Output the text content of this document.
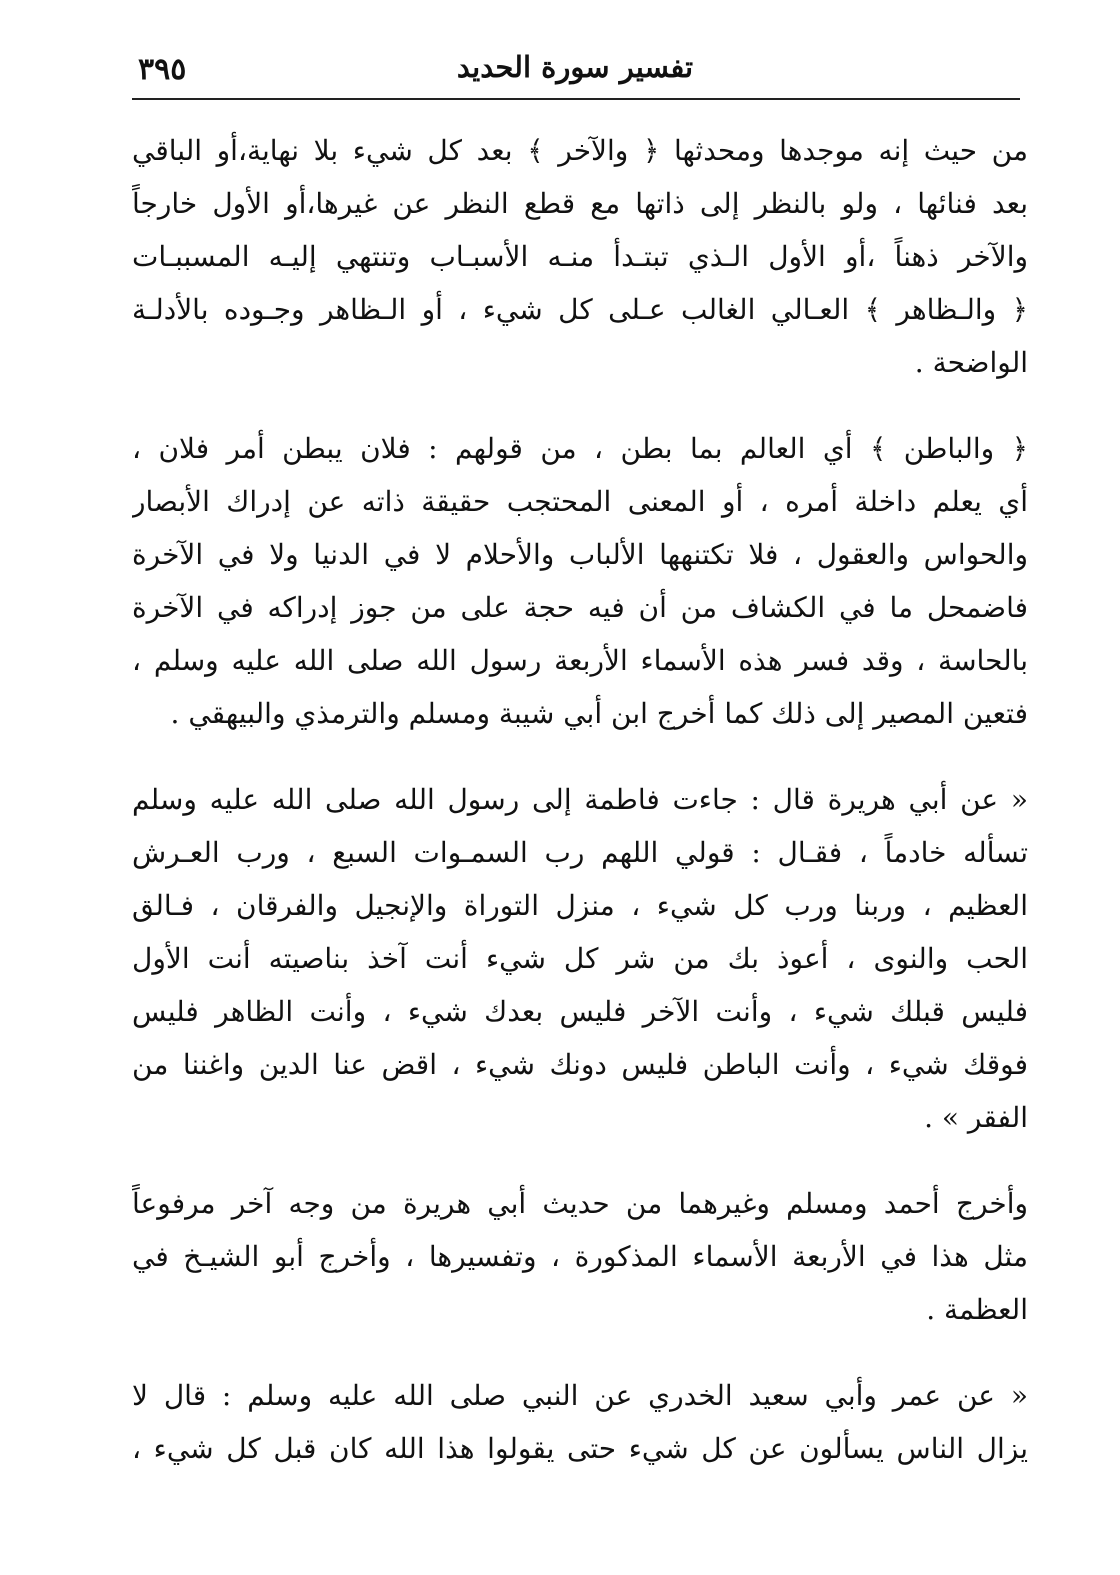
٣٩٥	تفسير سورة الحديد
من حيث إنه موجدها ومحدثها ﴿ والآخر ﴾ بعد كل شيء بلا نهاية،أو الباقي
بعد فنائها ، ولو بالنظر إلى ذاتها مع قطع النظر عن غيرها،أو الأول خارجاً
والآخر ذهناً ،أو الأول الـذي تبتـدأ منـه الأسبـاب وتنتهي إليـه المسببـات
﴿ والـظاهر ﴾ العـالي الغالب عـلى كل شيء ، أو الـظاهر وجـوده بالأدلـة
الواضحة .
﴿ والباطن ﴾ أي العالم بما بطن ، من قولهم : فلان يبطن أمر فلان ،
أي يعلم داخلة أمره ، أو المعنى المحتجب حقيقة ذاته عن إدراك الأبصار
والحواس والعقول ، فلا تكتنهها الألباب والأحلام لا في الدنيا ولا في الآخرة
فاضمحل ما في الكشاف من أن فيه حجة على من جوز إدراكه في الآخرة
بالحاسة ، وقد فسر هذه الأسماء الأربعة رسول الله صلى الله عليه وسلم ،
فتعين المصير إلى ذلك كما أخرج ابن أبي شيبة ومسلم والترمذي والبيهقي .
« عن أبي هريرة قال : جاءت فاطمة إلى رسول الله صلى الله عليه وسلم
تسأله خادماً ، فقـال : قولي اللهم رب السمـوات السبع ، ورب العـرش
العظيم ، وربنا ورب كل شيء ، منزل التوراة والإنجيل والفرقان ، فـالق
الحب والنوى ، أعوذ بك من شر كل شيء أنت آخذ بناصيته أنت الأول
فليس قبلك شيء ، وأنت الآخر فليس بعدك شيء ، وأنت الظاهر فليس
فوقك شيء ، وأنت الباطن فليس دونك شيء ، اقض عنا الدين واغننا من
الفقر » .
وأخرج أحمد ومسلم وغيرهما من حديث أبي هريرة من وجه آخر مرفوعاً
مثل هذا في الأربعة الأسماء المذكورة ، وتفسيرها ، وأخرج أبو الشيـخ في
العظمة .
« عن عمر وأبي سعيد الخدري عن النبي صلى الله عليه وسلم : قال لا
يزال الناس يسألون عن كل شيء حتى يقولوا هذا الله كان قبل كل شيء ،
